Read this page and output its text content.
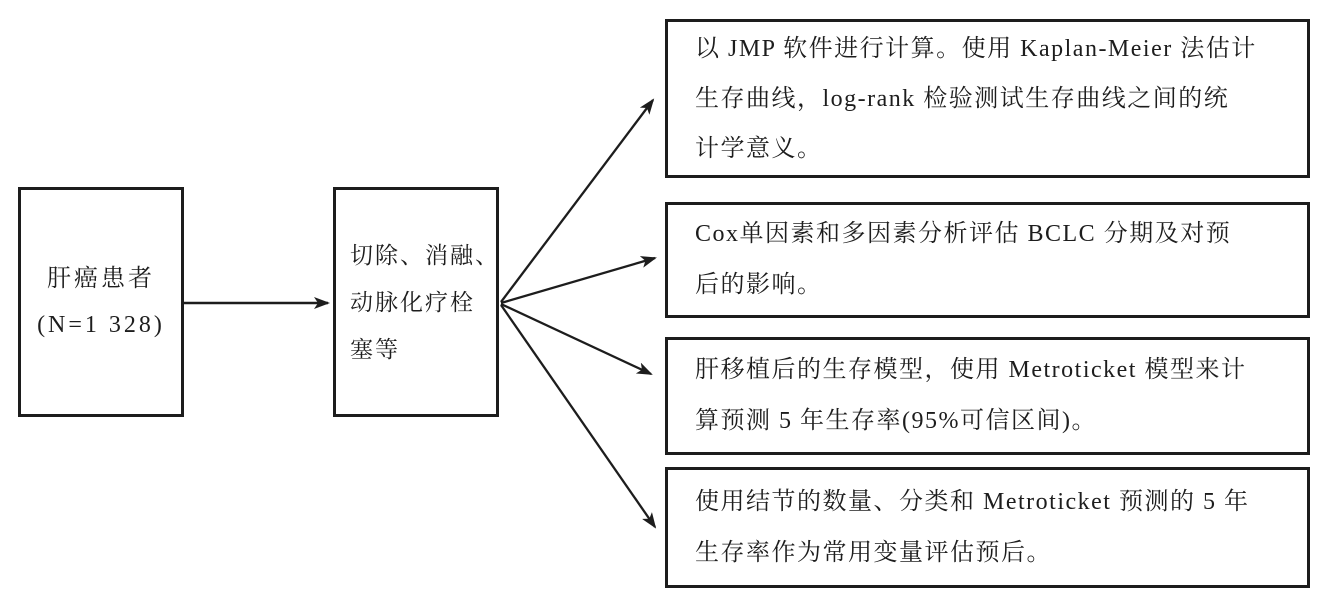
肝癌患者
(N=1 328)
切除、消融、
动脉化疗栓
塞等
以 JMP 软件进行计算。使用 Kaplan-Meier 法估计
生存曲线，log-rank 检验测试生存曲线之间的统
计学意义。
Cox单因素和多因素分析评估 BCLC 分期及对预
后的影响。
肝移植后的生存模型，使用 Metroticket 模型来计
算预测 5 年生存率(95%可信区间)。
使用结节的数量、分类和 Metroticket 预测的 5 年
生存率作为常用变量评估预后。
